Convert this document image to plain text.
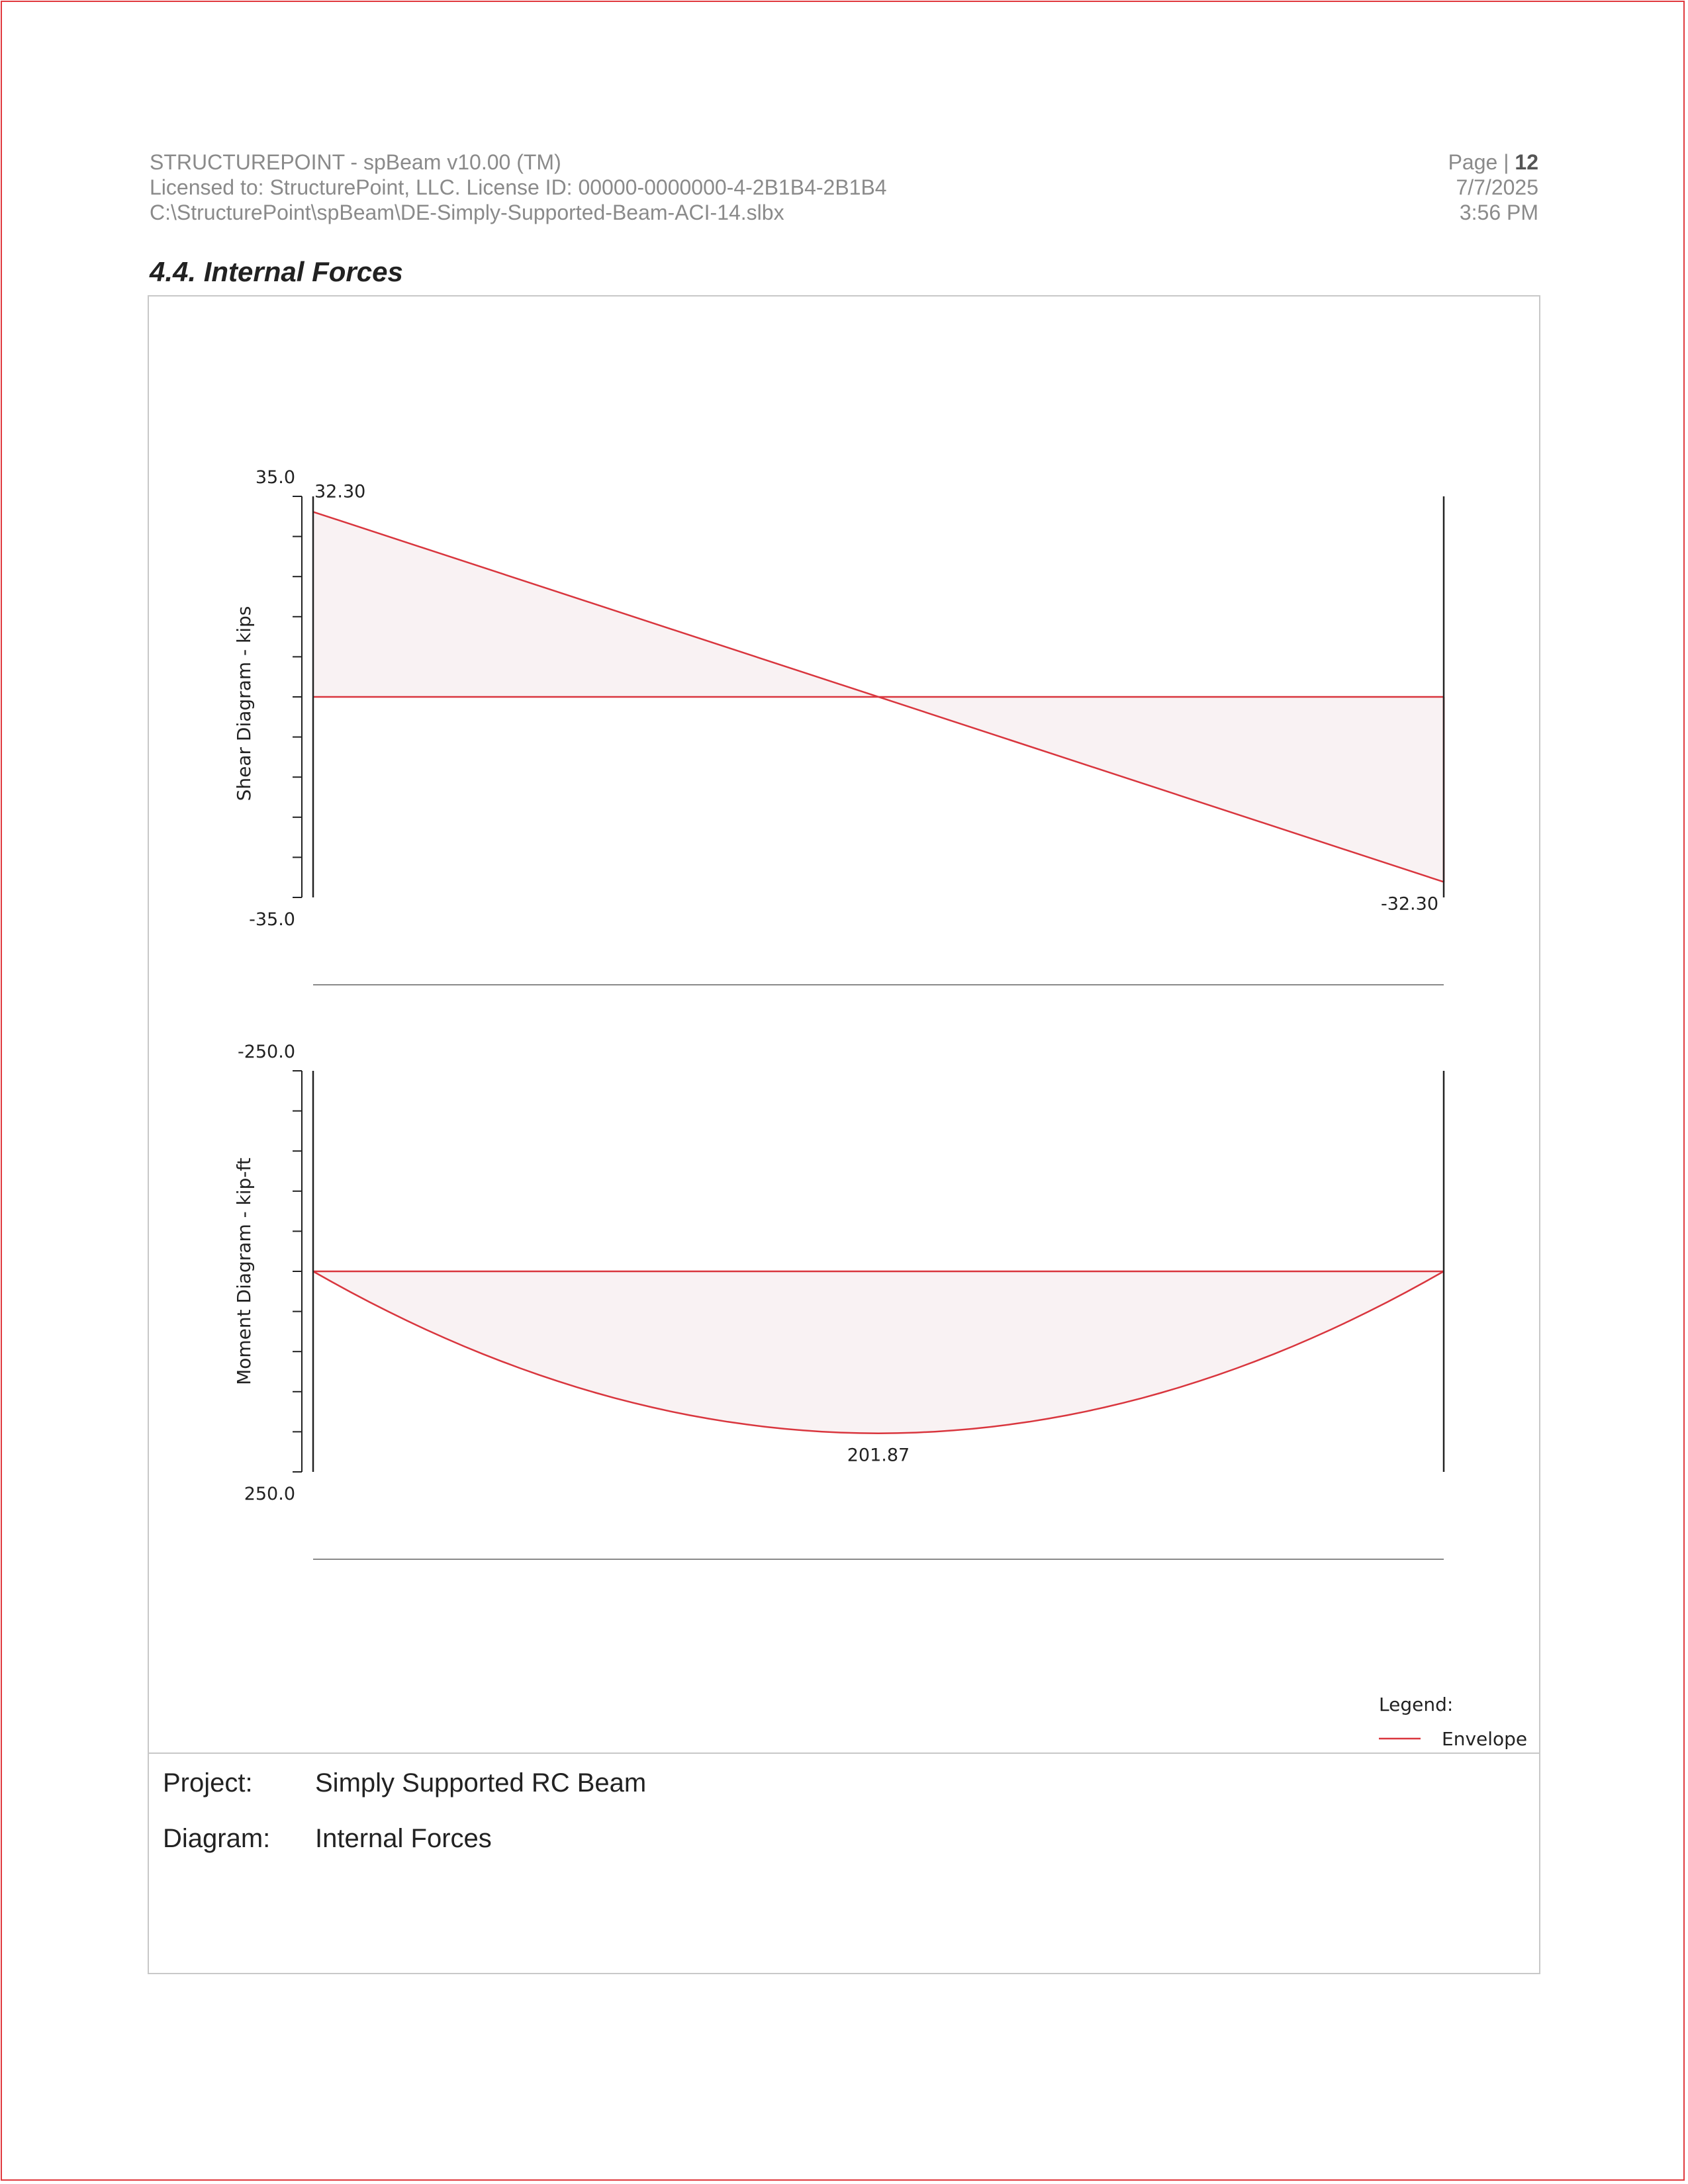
STRUCTUREPOINT - spBeam v10.00 (TM)
Licensed to: StructurePoint, LLC. License ID: 00000-0000000-4-2B1B4-2B1B4
C:\StructurePoint\spBeam\DE-Simply-Supported-Beam-ACI-14.slbx
Page | 12
7/7/2025
3:56 PM
4.4. Internal Forces
35.0
-35.0
Shear Diagram - kips
32.30
-32.30
-250.0
250.0
Moment Diagram - kip-ft
201.87
Legend:
Envelope
Project: Simply Supported RC Beam
Diagram: Internal Forces
